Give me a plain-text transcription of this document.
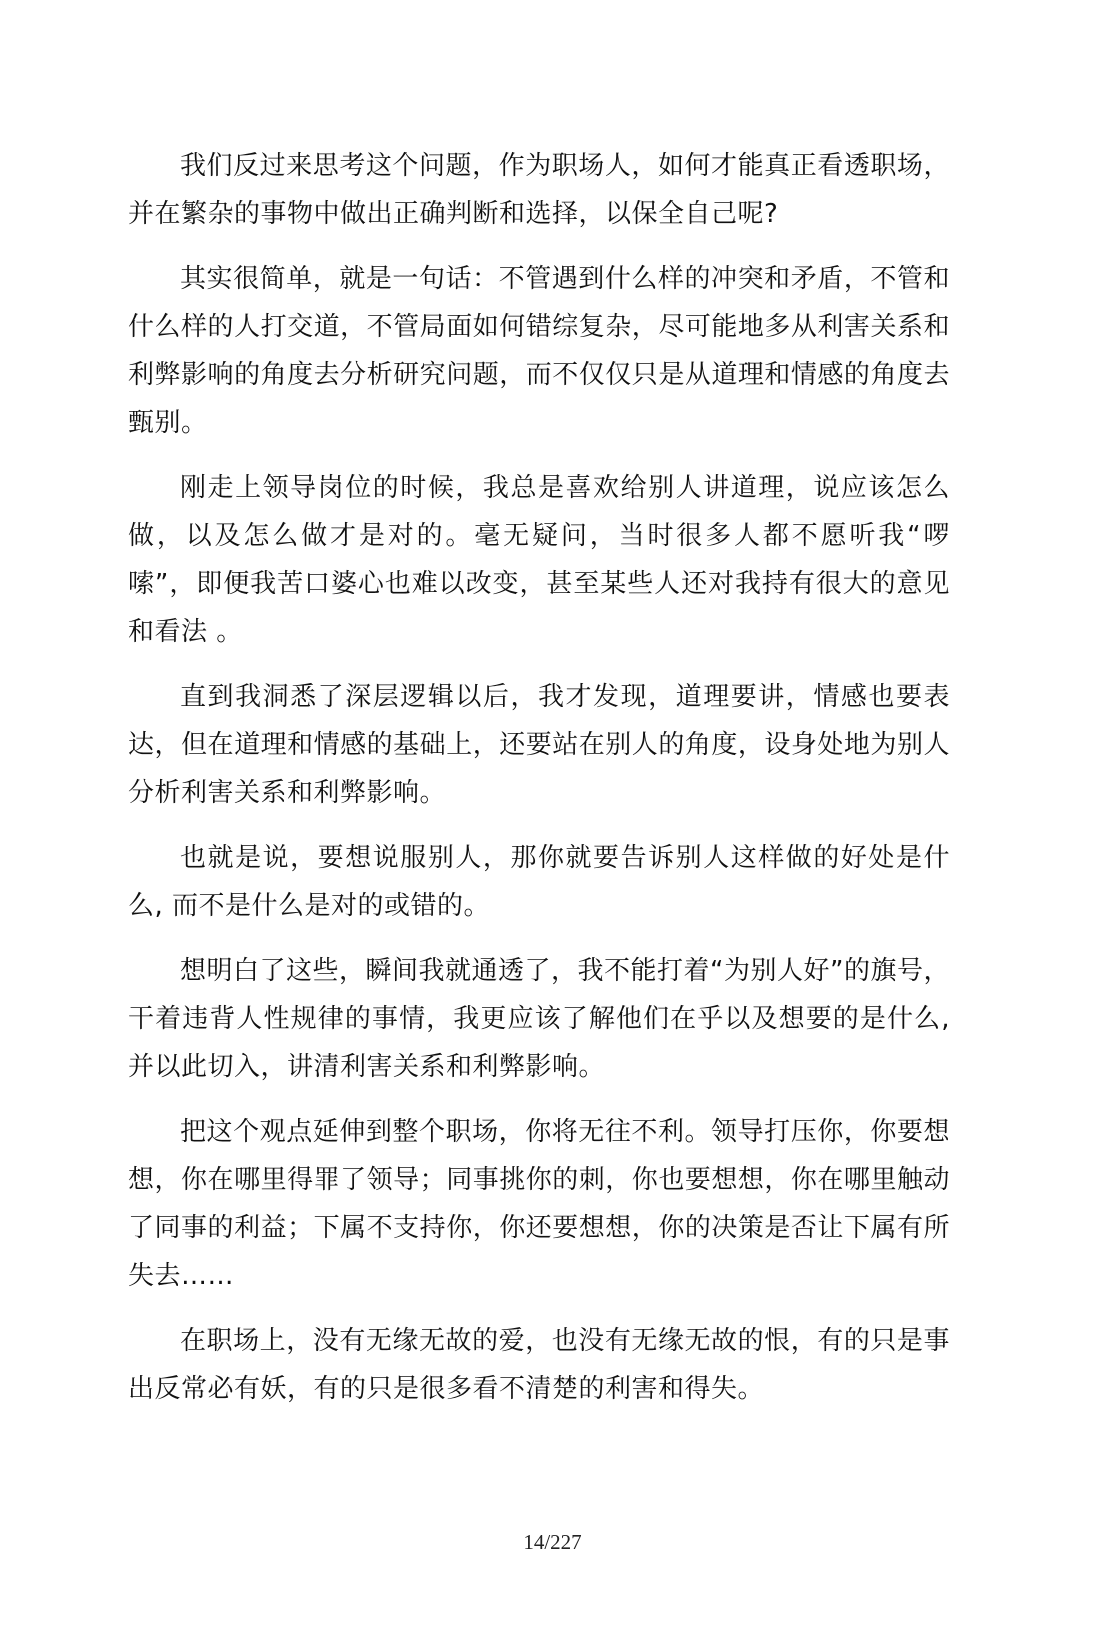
我们反过来思考这个问题，作为职场人，如何才能真正看透职场，并在繁杂的事物中做出正确判断和选择，以保全自己呢?

其实很简单，就是一句话：不管遇到什么样的冲突和矛盾，不管和什么样的人打交道，不管局面如何错综复杂，尽可能地多从利害关系和利弊影响的角度去分析研究问题，而不仅仅只是从道理和情感的角度去甄别。

刚走上领导岗位的时候，我总是喜欢给别人讲道理，说应该怎么做，以及怎么做才是对的。毫无疑问，当时很多人都不愿听我“啰嗦”，即便我苦口婆心也难以改变，甚至某些人还对我持有很大的意见和看法 。

直到我洞悉了深层逻辑以后，我才发现，道理要讲，情感也要表达，但在道理和情感的基础上，还要站在别人的角度，设身处地为别人分析利害关系和利弊影响。

也就是说，要想说服别人，那你就要告诉别人这样做的好处是什么, 而不是什么是对的或错的。

想明白了这些，瞬间我就通透了，我不能打着“为别人好”的旗号，干着违背人性规律的事情，我更应该了解他们在乎以及想要的是什么, 并以此切入，讲清利害关系和利弊影响。

把这个观点延伸到整个职场，你将无往不利。领导打压你，你要想想，你在哪里得罪了领导；同事挑你的刺，你也要想想，你在哪里触动了同事的利益；下属不支持你，你还要想想，你的决策是否让下属有所失去……

在职场上，没有无缘无故的爱，也没有无缘无故的恨，有的只是事出反常必有妖，有的只是很多看不清楚的利害和得失。

14/227
